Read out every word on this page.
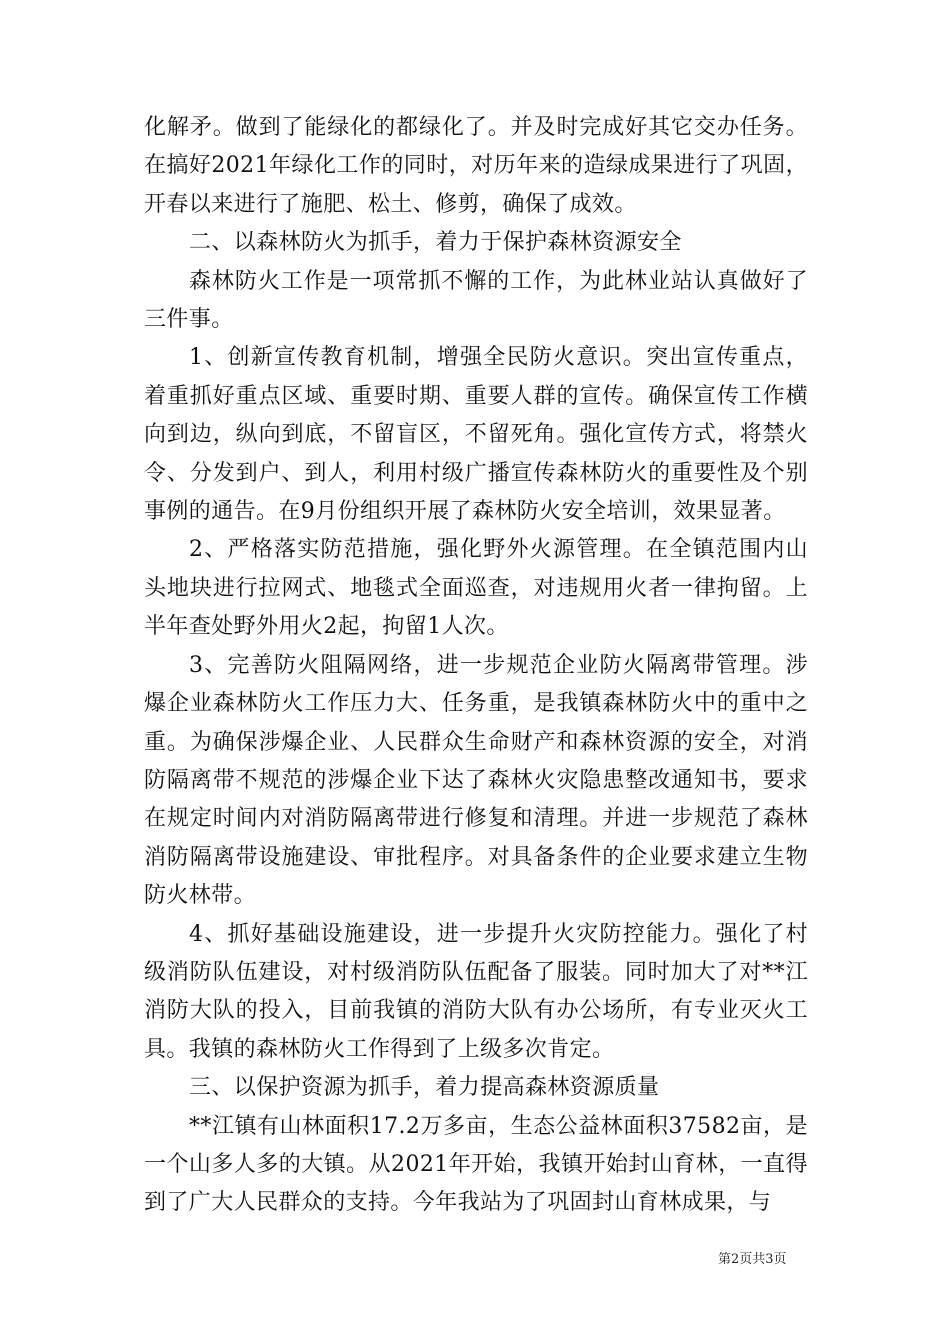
化解矛。做到了能绿化的都绿化了。并及时完成好其它交办任务。在搞好2021年绿化工作的同时，对历年来的造绿成果进行了巩固，开春以来进行了施肥、松土、修剪，确保了成效。

二、以森林防火为抓手，着力于保护森林资源安全

森林防火工作是一项常抓不懈的工作，为此林业站认真做好了三件事。

1、创新宣传教育机制，增强全民防火意识。突出宣传重点，着重抓好重点区域、重要时期、重要人群的宣传。确保宣传工作横向到边，纵向到底，不留盲区，不留死角。强化宣传方式，将禁火令、分发到户、到人，利用村级广播宣传森林防火的重要性及个别事例的通告。在9月份组织开展了森林防火安全培训，效果显著。

2、严格落实防范措施，强化野外火源管理。在全镇范围内山头地块进行拉网式、地毯式全面巡查，对违规用火者一律拘留。上半年查处野外用火2起，拘留1人次。

3、完善防火阻隔网络，进一步规范企业防火隔离带管理。涉爆企业森林防火工作压力大、任务重，是我镇森林防火中的重中之重。为确保涉爆企业、人民群众生命财产和森林资源的安全，对消防隔离带不规范的涉爆企业下达了森林火灾隐患整改通知书，要求在规定时间内对消防隔离带进行修复和清理。并进一步规范了森林消防隔离带设施建设、审批程序。对具备条件的企业要求建立生物防火林带。

4、抓好基础设施建设，进一步提升火灾防控能力。强化了村级消防队伍建设，对村级消防队伍配备了服装。同时加大了对**江消防大队的投入，目前我镇的消防大队有办公场所，有专业灭火工具。我镇的森林防火工作得到了上级多次肯定。

三、以保护资源为抓手，着力提高森林资源质量

**江镇有山林面积17.2万多亩，生态公益林面积37582亩，是一个山多人多的大镇。从2021年开始，我镇开始封山育林，一直得到了广大人民群众的支持。今年我站为了巩固封山育林成果，与

第2页共3页
